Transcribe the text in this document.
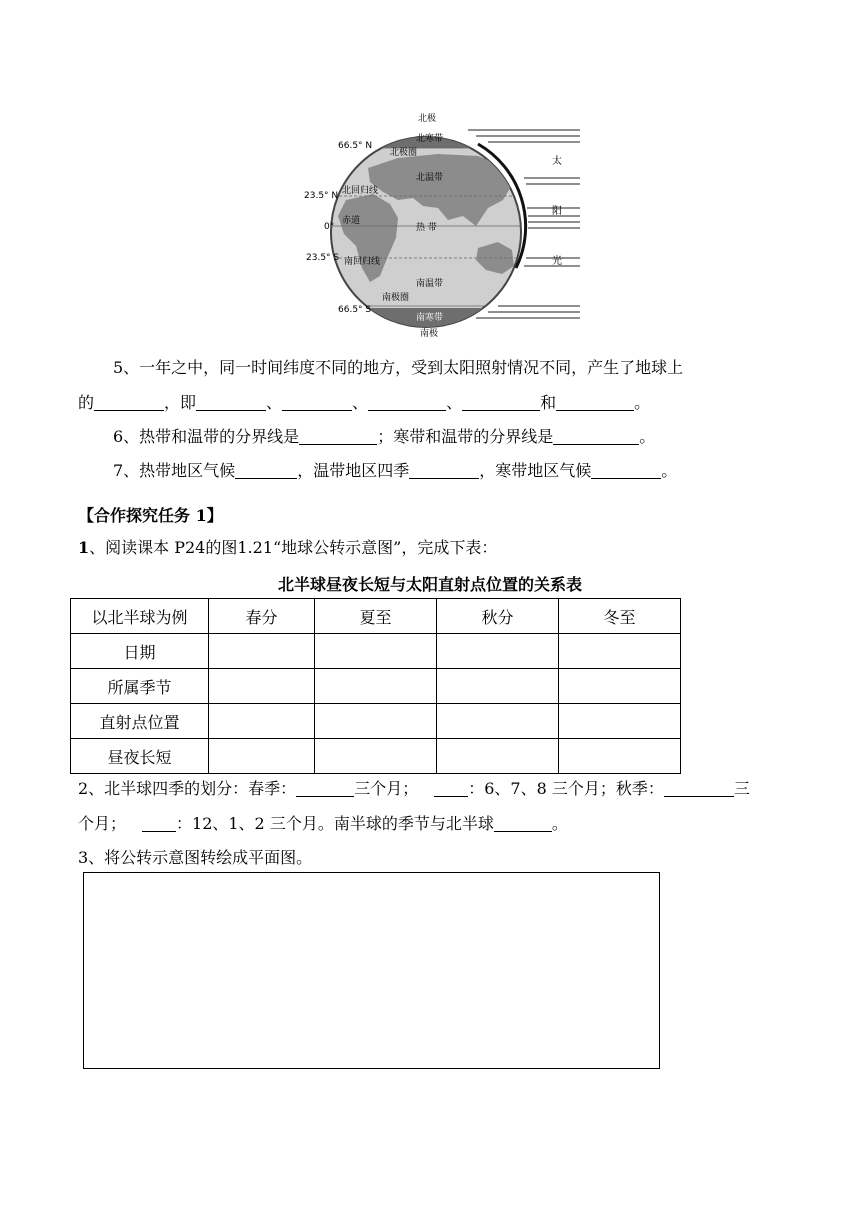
北极
北寒带
66.5° N
北极圈
北温带
23.5° N 北回归线
0°
赤道
热 带
23.5° S 南回归线
南温带
南极圈
66.5° S
南寒带
南极
太
阳
光
5、一年之中，同一时间纬度不同的地方，受到太阳照射情况不同，产生了地球上
的	，即	、	、	、	和	。
6、热带和温带的分界线是	；寒带和温带的分界线是	。
7、热带地区气候	，温带地区四季	，寒带地区气候	。
【合作探究任务 1】
1、阅读课本 P24的图1.21“地球公转示意图”，完成下表：
北半球昼夜长短与太阳直射点位置的关系表
以北半球为例	春分	夏至	秋分	冬至
日期				
所属季节				
直射点位置				
昼夜长短				
2、北半球四季的划分：春季：	三个月；	：6、7、8 三个月；秋季：	三
个月；	：12、1、2 三个月。南半球的季节与北半球	。
3、将公转示意图转绘成平面图。
